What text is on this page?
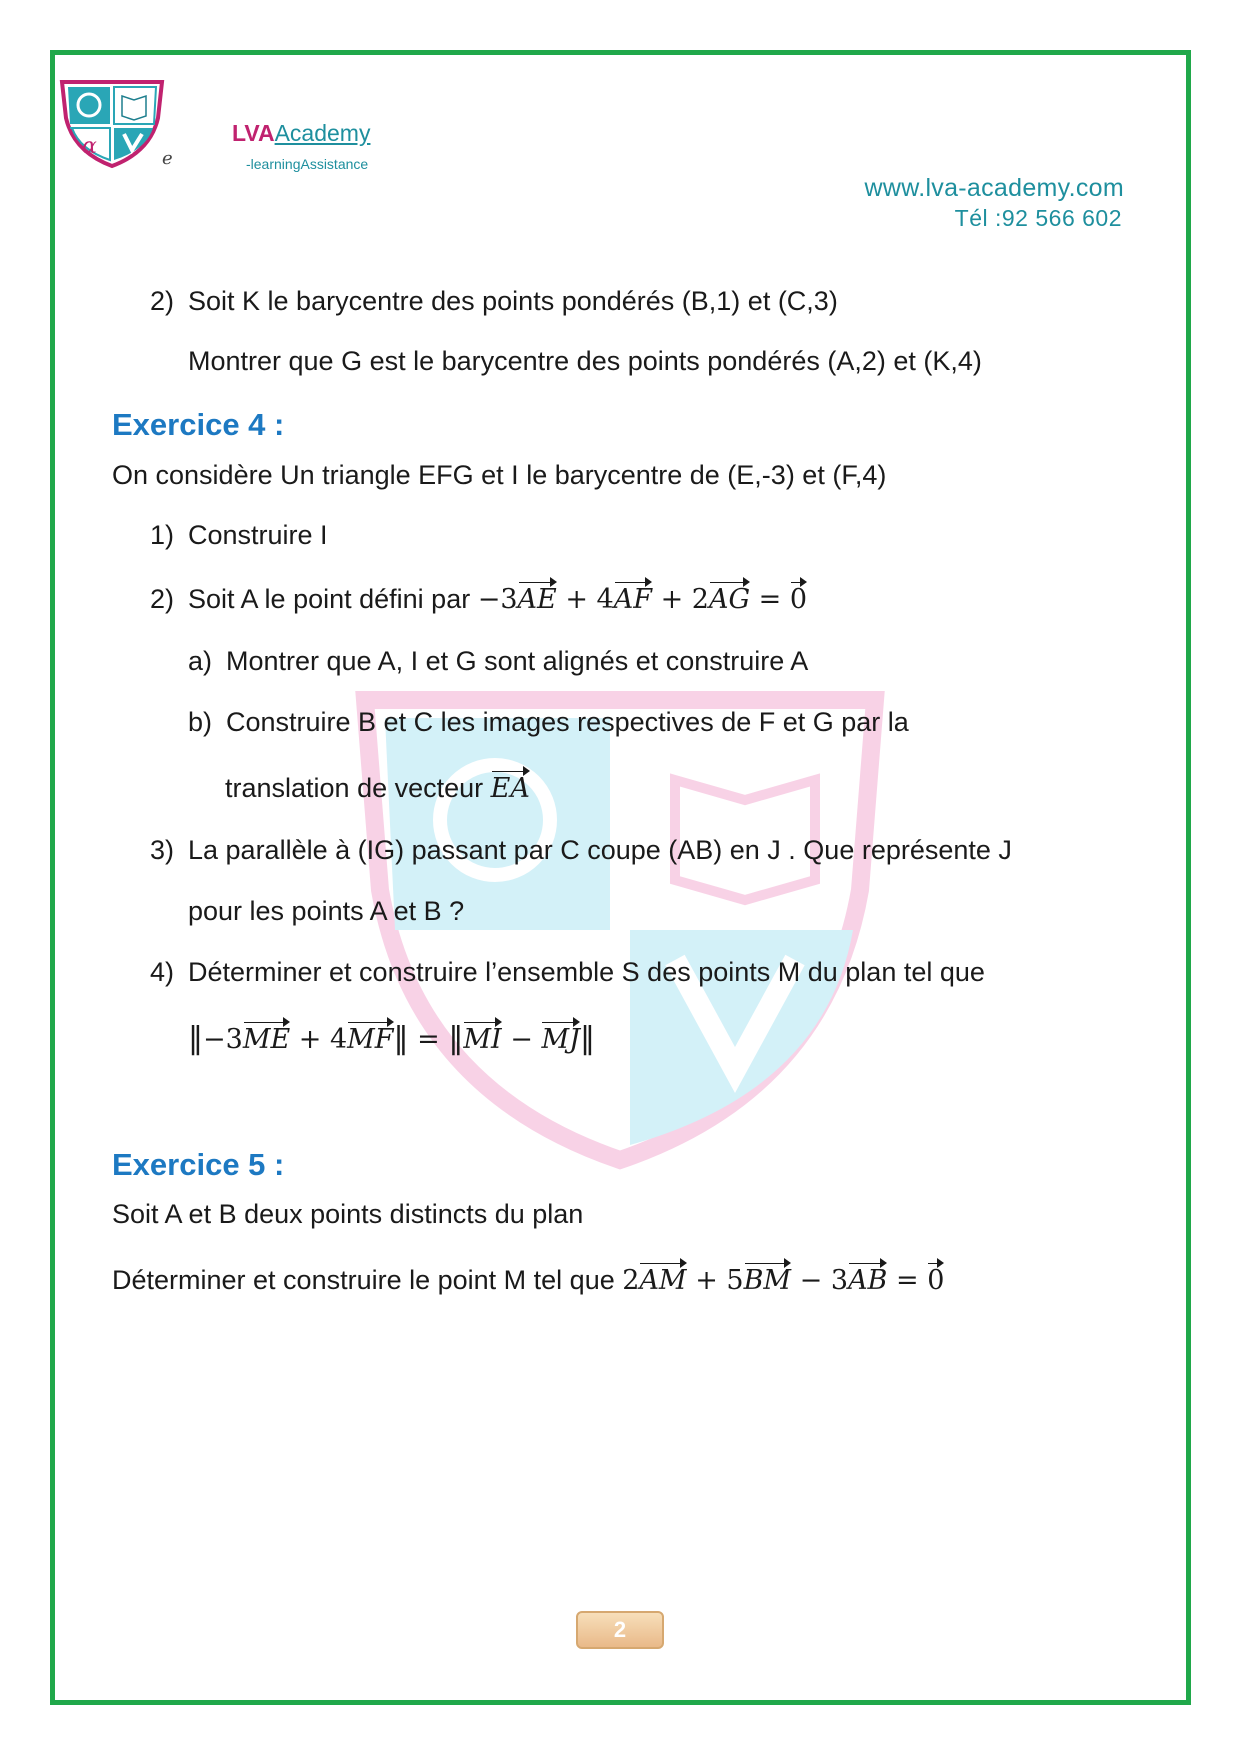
α
LVAAcademy
e	-learningAssistance
www.lva-academy.com
Tél :92 566 602
2) Soit K le barycentre des points pondérés (B,1) et (C,3)
Montrer que G est le barycentre des points pondérés (A,2) et (K,4)
Exercice 4 :
On considère Un triangle EFG et I le barycentre de (E,-3) et (F,4)
1) Construire I
2) Soit A le point défini par −3AE + 4AF + 2AG = 0
a) Montrer que A, I et G sont alignés et construire A
b) Construire B et C les images respectives de F et G par la
translation de vecteur EA
3) La parallèle à (IG) passant par C coupe (AB) en J . Que représente J
pour les points A et B ?
4) Déterminer et construire l’ensemble S des points M du plan tel que
‖−3ME + 4MF‖ = ‖MI − MJ‖
Exercice 5 :
Soit A et B deux points distincts du plan
Déterminer et construire le point M tel que 2AM + 5BM − 3AB = 0
2
